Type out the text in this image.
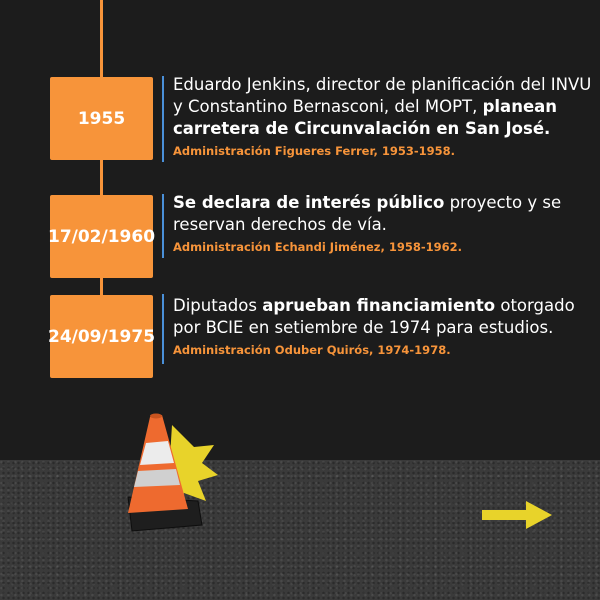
1955
Eduardo Jenkins, director de planificación del INVU y Constantino Bernasconi, del MOPT, planean carretera de Circunvalación en San José.
Administración Figueres Ferrer, 1953-1958.
17/02/1960
Se declara de interés público proyecto y se reservan derechos de vía.
Administración Echandi Jiménez, 1958-1962.
24/09/1975
Diputados aprueban financiamiento otorgado por BCIE en setiembre de 1974 para estudios.
Administración Oduber Quirós, 1974-1978.
